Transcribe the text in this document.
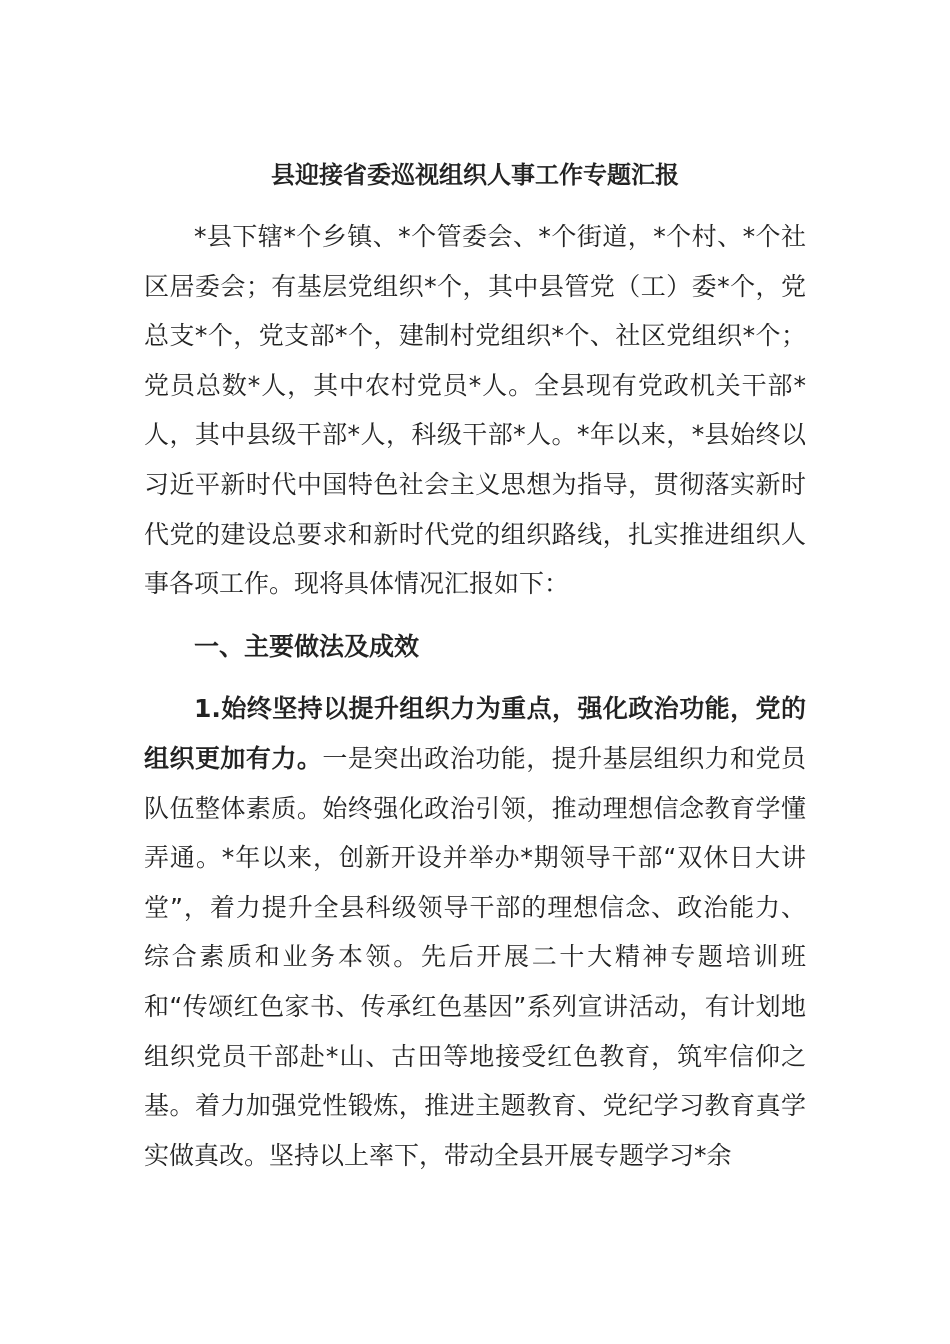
县迎接省委巡视组织人事工作专题汇报

*县下辖*个乡镇、*个管委会、*个街道，*个村、*个社区居委会；有基层党组织*个，其中县管党（工）委*个，党总支*个，党支部*个，建制村党组织*个、社区党组织*个；党员总数*人，其中农村党员*人。全县现有党政机关干部*人，其中县级干部*人，科级干部*人。*年以来，*县始终以习近平新时代中国特色社会主义思想为指导，贯彻落实新时代党的建设总要求和新时代党的组织路线，扎实推进组织人事各项工作。现将具体情况汇报如下：

一、主要做法及成效

1.始终坚持以提升组织力为重点，强化政治功能，党的组织更加有力。一是突出政治功能，提升基层组织力和党员队伍整体素质。始终强化政治引领，推动理想信念教育学懂弄通。*年以来，创新开设并举办*期领导干部“双休日大讲堂”，着力提升全县科级领导干部的理想信念、政治能力、综合素质和业务本领。先后开展二十大精神专题培训班和“传颂红色家书、传承红色基因”系列宣讲活动，有计划地组织党员干部赴*山、古田等地接受红色教育，筑牢信仰之基。着力加强党性锻炼，推进主题教育、党纪学习教育真学实做真改。坚持以上率下，带动全县开展专题学习*余
